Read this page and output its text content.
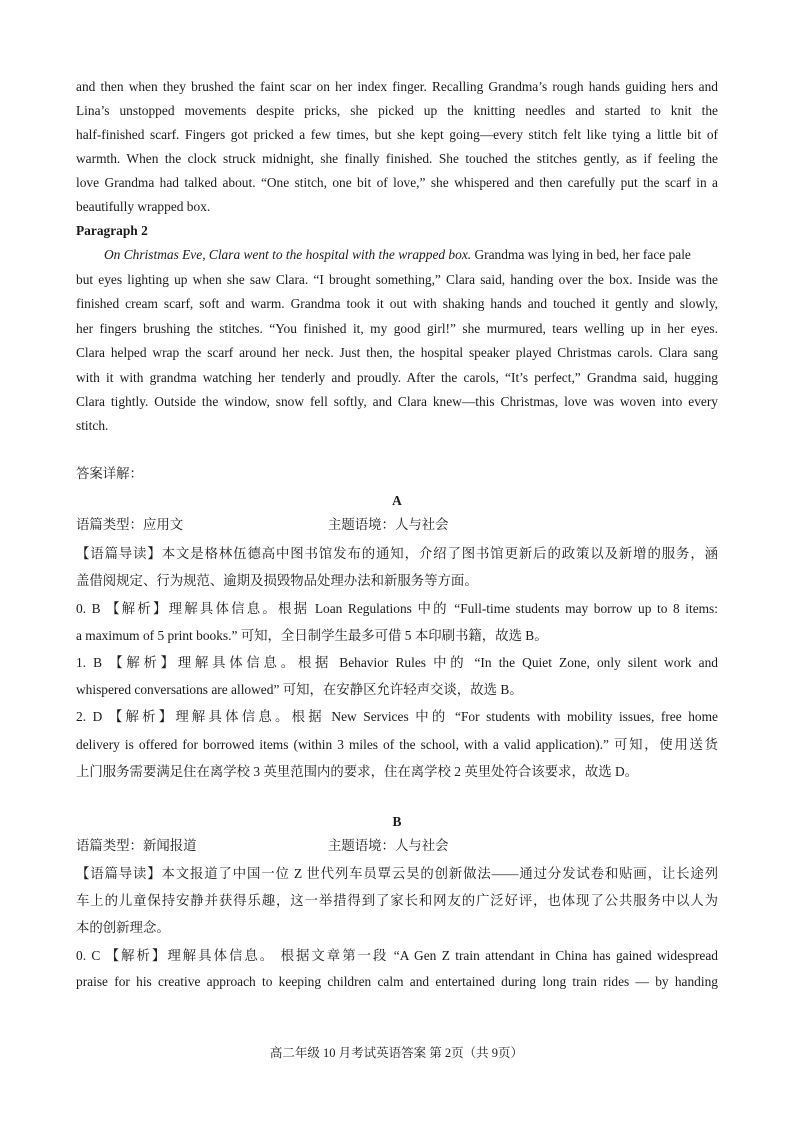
and then when they brushed the faint scar on her index finger. Recalling Grandma’s rough hands guiding hers and
Lina’s unstopped movements despite pricks, she picked up the knitting needles and started to knit the
half-finished scarf. Fingers got pricked a few times, but she kept going—every stitch felt like tying a little bit of
warmth. When the clock struck midnight, she finally finished. She touched the stitches gently, as if feeling the
love Grandma had talked about. “One stitch, one bit of love,” she whispered and then carefully put the scarf in a
beautifully wrapped box.
Paragraph 2
On Christmas Eve, Clara went to the hospital with the wrapped box. Grandma was lying in bed, her face pale
but eyes lighting up when she saw Clara. “I brought something,” Clara said, handing over the box. Inside was the
finished cream scarf, soft and warm. Grandma took it out with shaking hands and touched it gently and slowly,
her fingers brushing the stitches. “You finished it, my good girl!” she murmured, tears welling up in her eyes.
Clara helped wrap the scarf around her neck. Just then, the hospital speaker played Christmas carols. Clara sang
with it with grandma watching her tenderly and proudly. After the carols, “It’s perfect,” Grandma said, hugging
Clara tightly. Outside the window, snow fell softly, and Clara knew—this Christmas, love was woven into every
stitch.
答案详解：
A
语篇类型：应用文	主题语境：人与社会
【语篇导读】本文是格林伍德高中图书馆发布的通知，介绍了图书馆更新后的政策以及新增的服务，涵
盖借阅规定、行为规范、逾期及损毁物品处理办法和新服务等方面。
0. B 【解析】理解具体信息。根据 Loan Regulations 中的 “Full-time students may borrow up to 8 items:
a maximum of 5 print books.” 可知，全日制学生最多可借 5 本印刷书籍，故选 B。
1. B 【解析】理解具体信息。根据 Behavior Rules 中的 “In the Quiet Zone, only silent work and
whispered conversations are allowed” 可知，在安静区允许轻声交谈，故选 B。
2. D 【解析】理解具体信息。根据 New Services 中的 “For students with mobility issues, free home
delivery is offered for borrowed items (within 3 miles of the school, with a valid application).” 可知，使用送货
上门服务需要满足住在离学校 3 英里范围内的要求，住在离学校 2 英里处符合该要求，故选 D。
B
语篇类型：新闻报道	主题语境：人与社会
【语篇导读】本文报道了中国一位 Z 世代列车员覃云昊的创新做法——通过分发试卷和贴画，让长途列
车上的儿童保持安静并获得乐趣，这一举措得到了家长和网友的广泛好评，也体现了公共服务中以人为
本的创新理念。
0. C 【解析】理解具体信息。 根据文章第一段 “A Gen Z train attendant in China has gained widespread
praise for his creative approach to keeping children calm and entertained during long train rides — by handing
高二年级 10 月考试英语答案 第 2页（共 9页）
